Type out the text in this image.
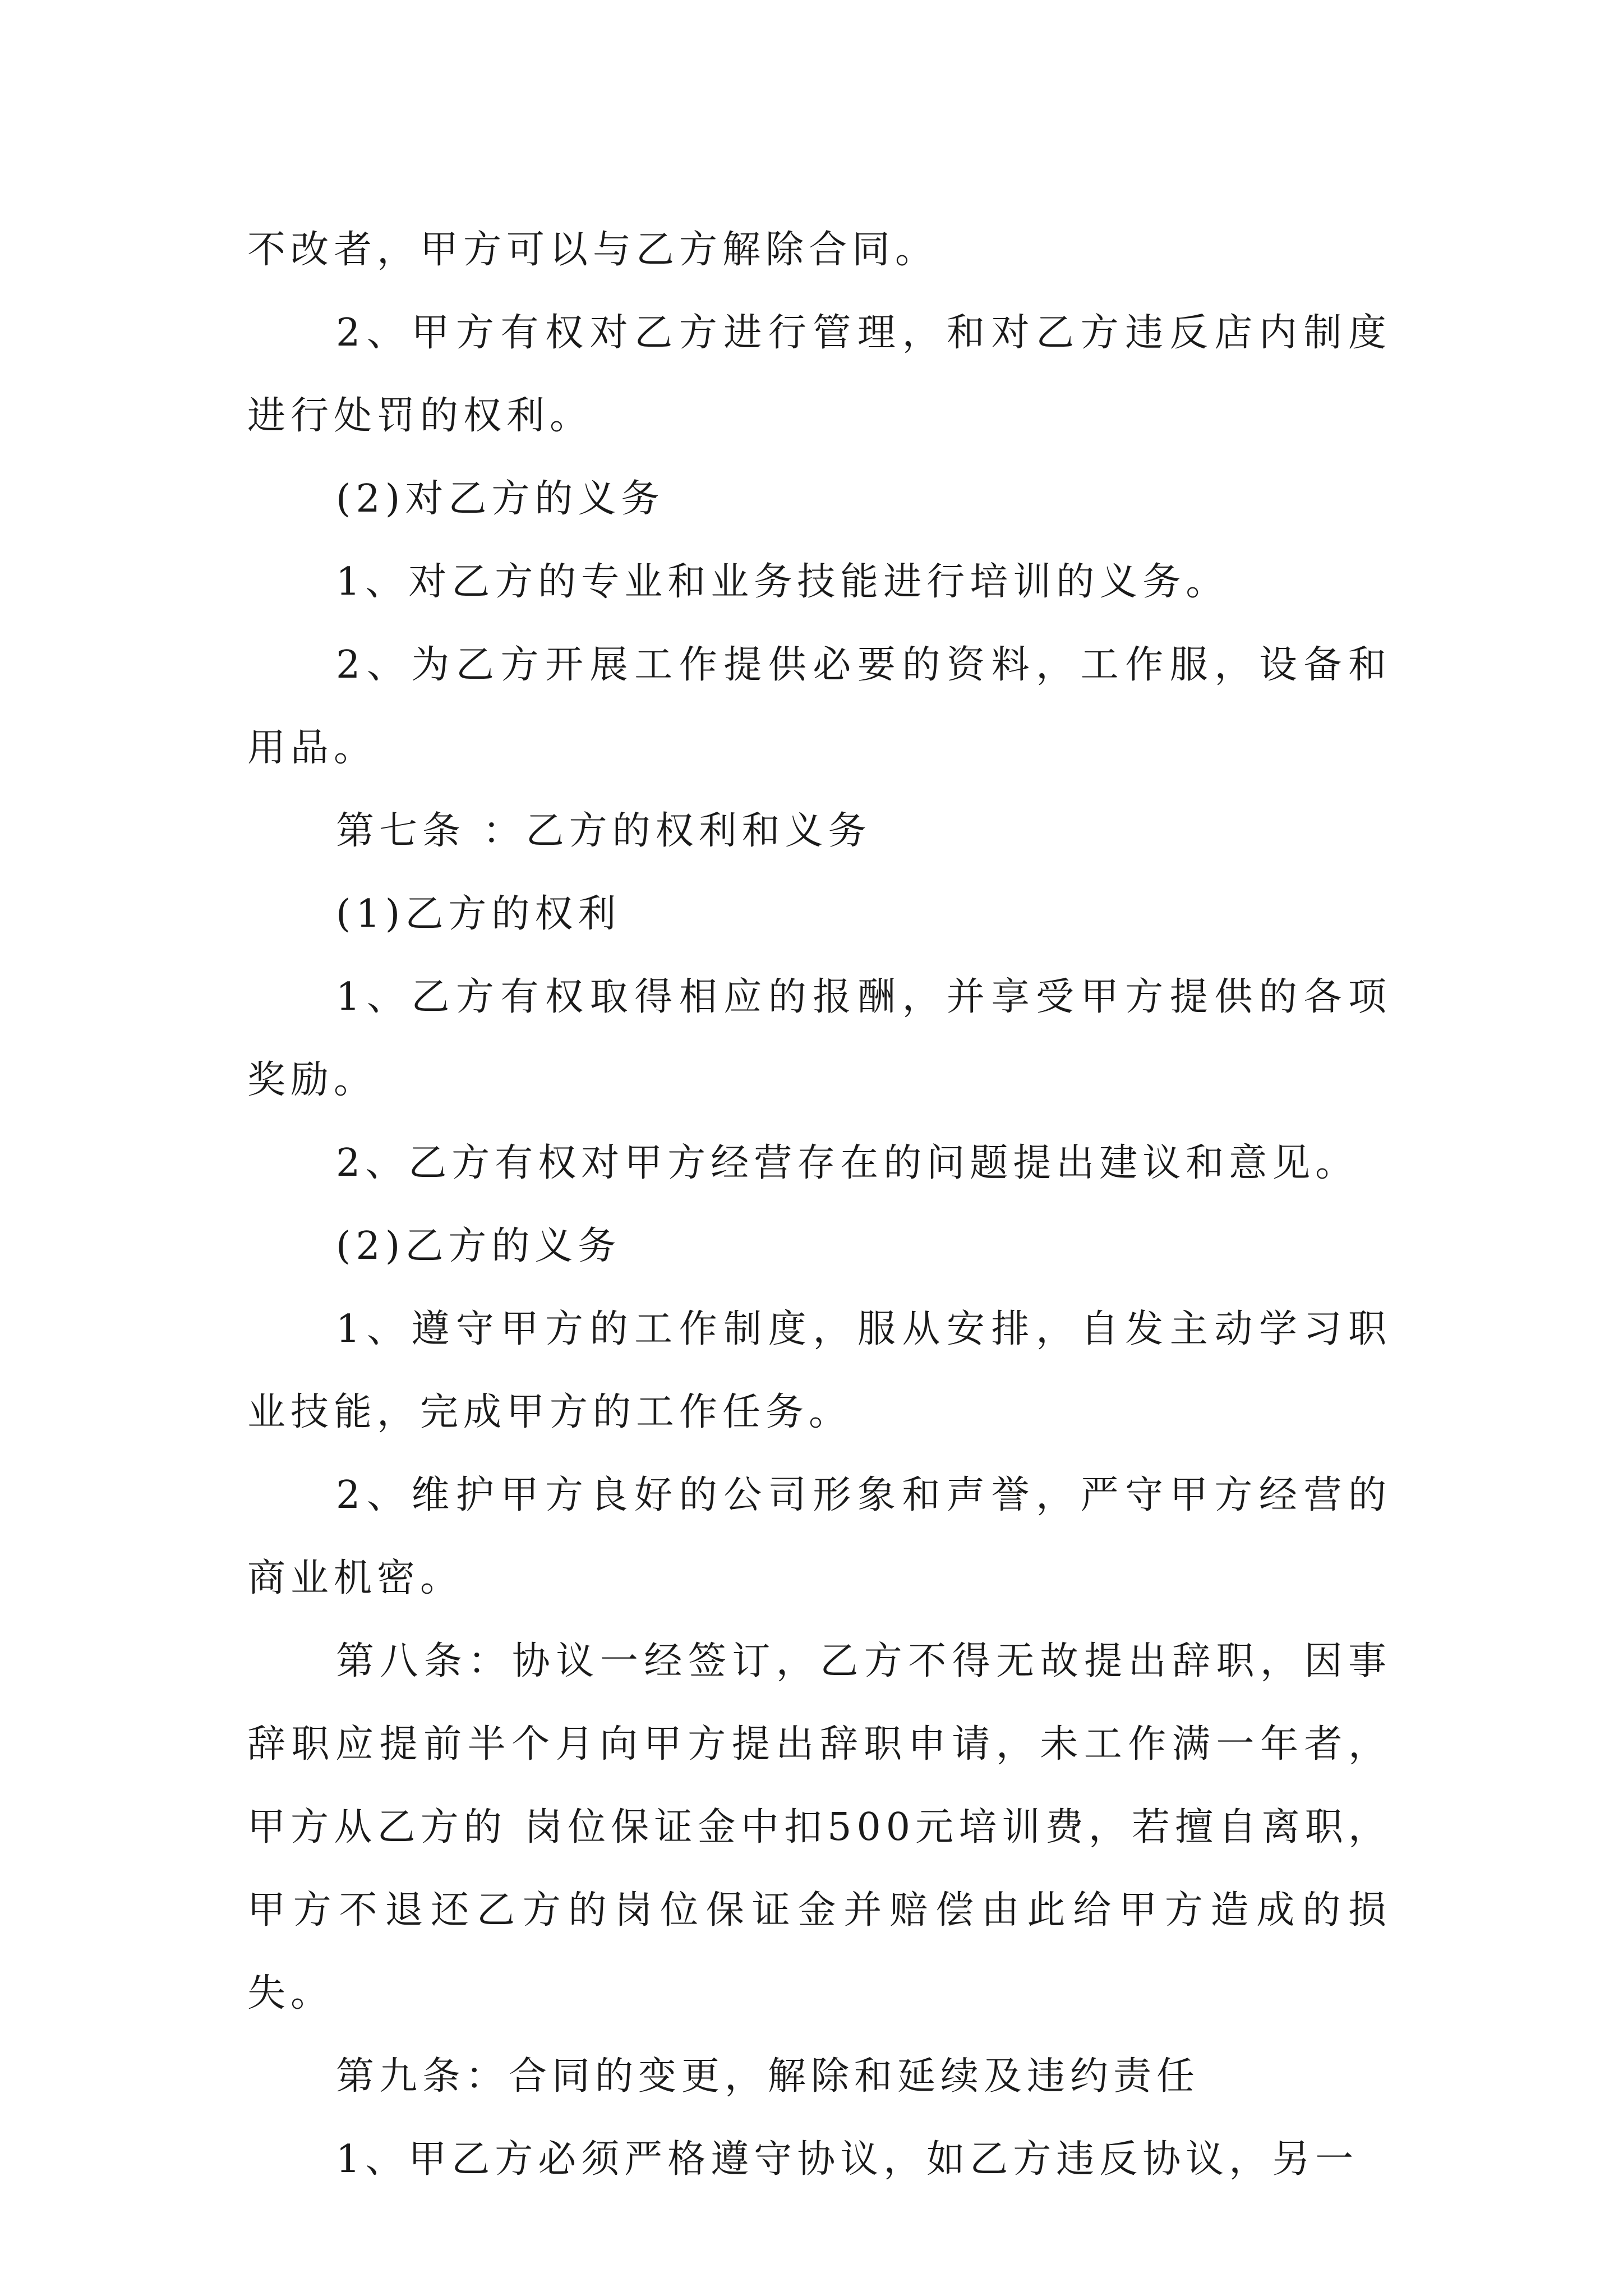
不改者，甲方可以与乙方解除合同。

2、甲方有权对乙方进行管理，和对乙方违反店内制度进行处罚的权利。

(2)对乙方的义务

1、对乙方的专业和业务技能进行培训的义务。

2、为乙方开展工作提供必要的资料，工作服，设备和用品。

第七条 ：乙方的权利和义务

(1)乙方的权利

1、乙方有权取得相应的报酬，并享受甲方提供的各项奖励。

2、乙方有权对甲方经营存在的问题提出建议和意见。

(2)乙方的义务

1、遵守甲方的工作制度，服从安排，自发主动学习职业技能，完成甲方的工作任务。

2、维护甲方良好的公司形象和声誉，严守甲方经营的商业机密。

第八条：协议一经签订，乙方不得无故提出辞职，因事辞职应提前半个月向甲方提出辞职申请，未工作满一年者，甲方从乙方的 岗位保证金中扣500元培训费，若擅自离职，甲方不退还乙方的岗位保证金并赔偿由此给甲方造成的损失。

第九条：合同的变更，解除和延续及违约责任

1、甲乙方必须严格遵守协议，如乙方违反协议，另一
